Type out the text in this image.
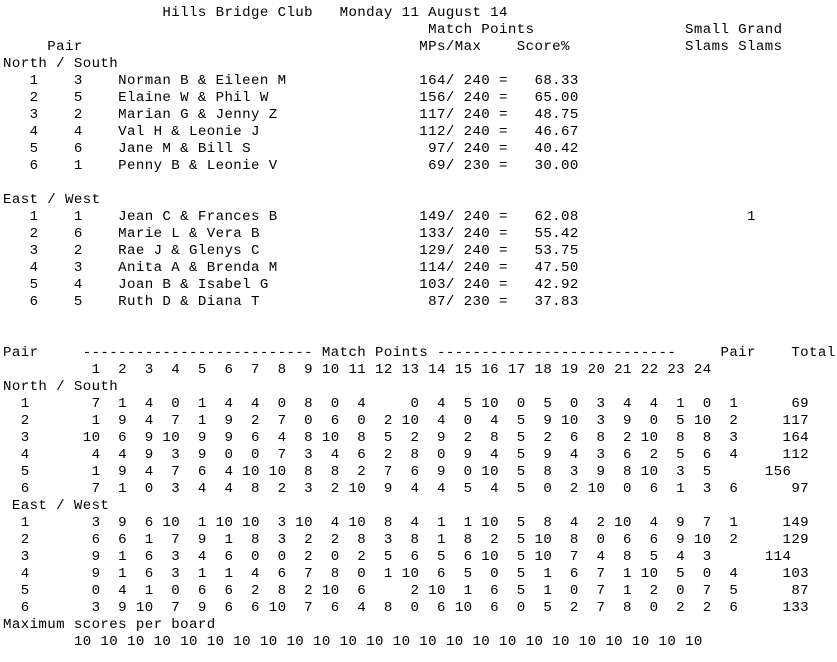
Hills Bridge Club   Monday 11 August 14
Match Points                 Small Grand
Pair                                      MPs/Max    Score%             Slams Slams
North / South
1    3    Norman B & Eileen M               164/ 240 =   68.33
2    5    Elaine W & Phil W                 156/ 240 =   65.00
3    2    Marian G & Jenny Z                117/ 240 =   48.75
4    4    Val H & Leonie J                  112/ 240 =   46.67
5    6    Jane M & Bill S                    97/ 240 =   40.42
6    1    Penny B & Leonie V                 69/ 230 =   30.00

East / West
1    1    Jean C & Frances B                149/ 240 =   62.08                   1
2    6    Marie L & Vera B                  133/ 240 =   55.42
3    2    Rae J & Glenys C                  129/ 240 =   53.75
4    3    Anita A & Brenda M                114/ 240 =   47.50
5    4    Joan B & Isabel G                 103/ 240 =   42.92
6    5    Ruth D & Diana T                   87/ 230 =   37.83

Pair     -------------------------- Match Points ---------------------------     Pair    Total
1  2  3  4  5  6  7  8  9 10 11 12 13 14 15 16 17 18 19 20 21 22 23 24
North / South
1       7  1  4  0  1  4  4  0  8  0  4     0  4  5 10  0  5  0  3  4  4  1  0  1      69
2       1  9  4  7  1  9  2  7  0  6  0  2 10  4  0  4  5  9 10  3  9  0  5 10  2     117
3      10  6  9 10  9  9  6  4  8 10  8  5  2  9  2  8  5  2  6  8  2 10  8  8  3     164
4       4  4  9  3  9  0  0  7  3  4  6  2  8  0  9  4  5  9  4  3  6  2  5  6  4     112
5       1  9  4  7  6  4 10 10  8  8  2  7  6  9  0 10  5  8  3  9  8 10  3  5      156
6       7  1  0  3  4  4  8  2  3  2 10  9  4  4  5  4  5  0  2 10  0  6  1  3  6      97
East / West
1       3  9  6 10  1 10 10  3 10  4 10  8  4  1  1 10  5  8  4  2 10  4  9  7  1     149
2       6  6  1  7  9  1  8  3  2  2  8  3  8  1  8  2  5 10  8  0  6  6  9 10  2     129
3       9  1  6  3  4  6  0  0  2  0  2  5  6  5  6 10  5 10  7  4  8  5  4  3      114
4       9  1  6  3  1  1  4  6  7  8  0  1 10  6  5  0  5  1  6  7  1 10  5  0  4     103
5       0  4  1  0  6  6  2  8  2 10  6     2 10  1  6  5  1  0  7  1  2  0  7  5      87
6       3  9 10  7  9  6  6 10  7  6  4  8  0  6 10  6  0  5  2  7  8  0  2  2  6     133
Maximum scores per board
10 10 10 10 10 10 10 10 10 10 10 10 10 10 10 10 10 10 10 10 10 10 10 10
